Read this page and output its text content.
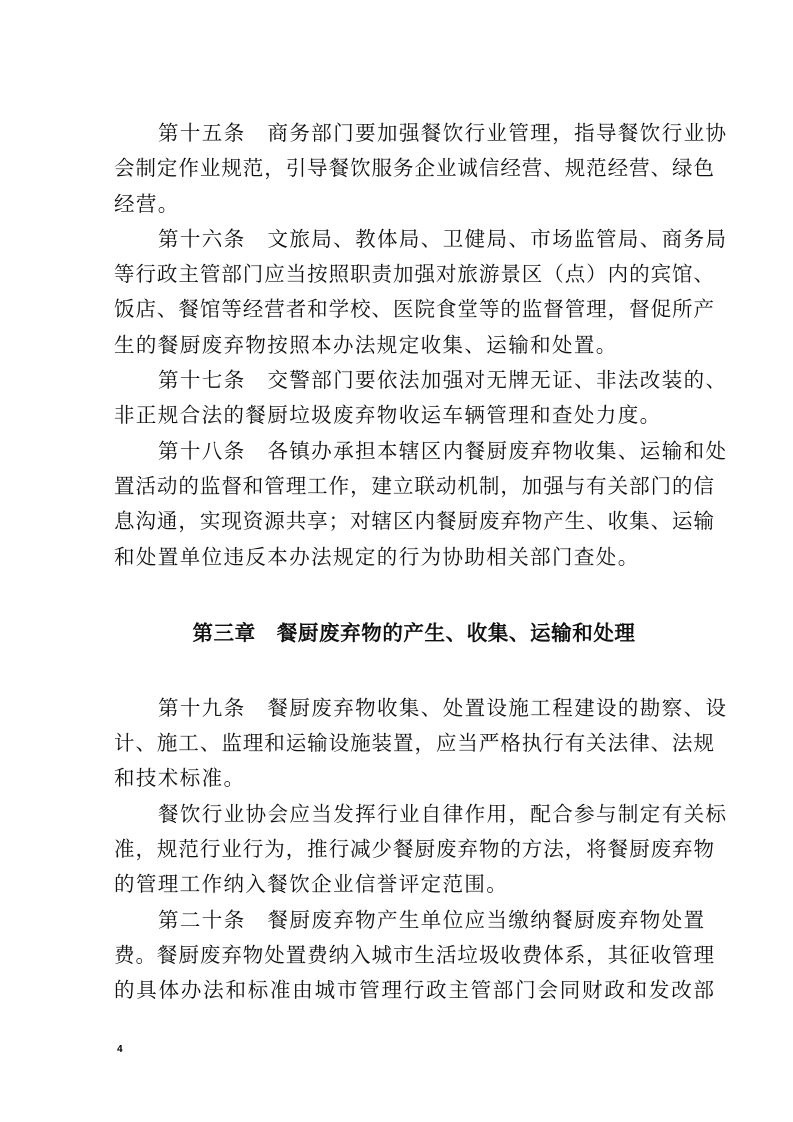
第十五条　商务部门要加强餐饮行业管理，指导餐饮行业协
会制定作业规范，引导餐饮服务企业诚信经营、规范经营、绿色
经营。
第十六条　文旅局、教体局、卫健局、市场监管局、商务局
等行政主管部门应当按照职责加强对旅游景区（点）内的宾馆、
饭店、餐馆等经营者和学校、医院食堂等的监督管理，督促所产
生的餐厨废弃物按照本办法规定收集、运输和处置。
第十七条　交警部门要依法加强对无牌无证、非法改装的、
非正规合法的餐厨垃圾废弃物收运车辆管理和查处力度。
第十八条　各镇办承担本辖区内餐厨废弃物收集、运输和处
置活动的监督和管理工作，建立联动机制，加强与有关部门的信
息沟通，实现资源共享；对辖区内餐厨废弃物产生、收集、运输
和处置单位违反本办法规定的行为协助相关部门查处。
第三章　餐厨废弃物的产生、收集、运输和处理
第十九条　餐厨废弃物收集、处置设施工程建设的勘察、设
计、施工、监理和运输设施装置，应当严格执行有关法律、法规
和技术标准。
餐饮行业协会应当发挥行业自律作用，配合参与制定有关标
准，规范行业行为，推行减少餐厨废弃物的方法，将餐厨废弃物
的管理工作纳入餐饮企业信誉评定范围。
第二十条　餐厨废弃物产生单位应当缴纳餐厨废弃物处置
费。餐厨废弃物处置费纳入城市生活垃圾收费体系，其征收管理
的具体办法和标准由城市管理行政主管部门会同财政和发改部
4
